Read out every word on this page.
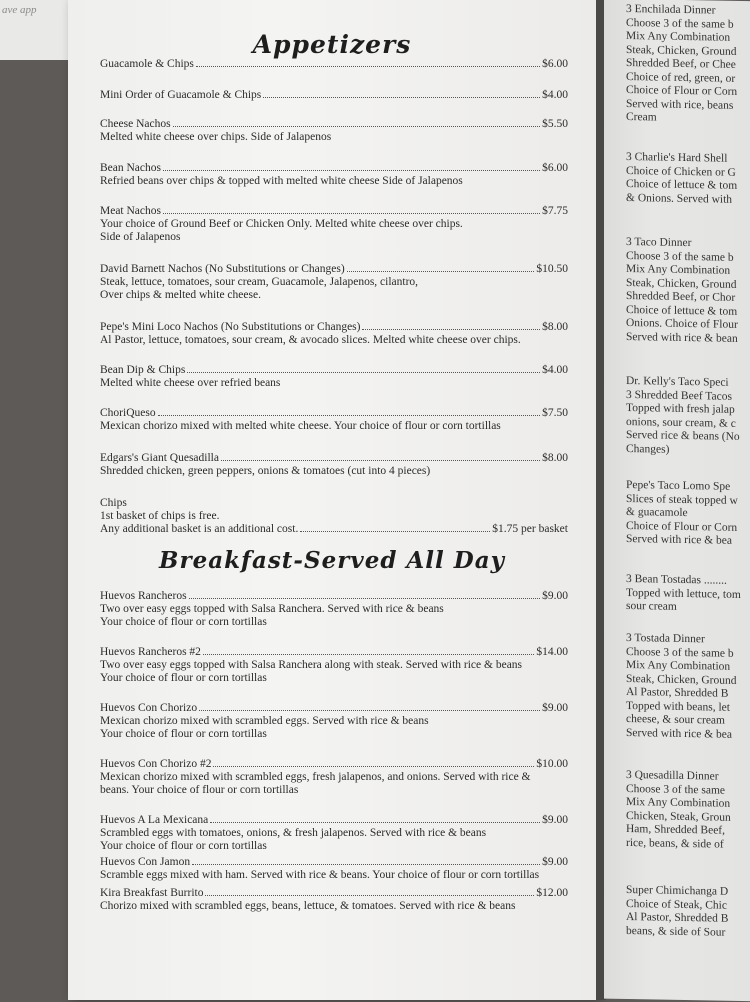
ave app
Appetizers
Guacamole & Chips	$6.00
Mini Order of Guacamole & Chips	$4.00
Cheese Nachos	$5.50
Melted white cheese over chips. Side of Jalapenos
Bean Nachos	$6.00
Refried beans over chips & topped with melted white cheese Side of Jalapenos
Meat Nachos	$7.75
Your choice of Ground Beef or Chicken Only. Melted white cheese over chips.
Side of Jalapenos
David Barnett Nachos (No Substitutions or Changes)	$10.50
Steak, lettuce, tomatoes, sour cream, Guacamole, Jalapenos, cilantro,
Over chips & melted white cheese.
Pepe's Mini Loco Nachos (No Substitutions or Changes)	$8.00
Al Pastor, lettuce, tomatoes, sour cream, & avocado slices. Melted white cheese over chips.
Bean Dip & Chips	$4.00
Melted white cheese over refried beans
ChoriQueso	$7.50
Mexican chorizo mixed with melted white cheese. Your choice of flour or corn tortillas
Edgars's Giant Quesadilla	$8.00
Shredded chicken, green peppers, onions & tomatoes (cut into 4 pieces)
Chips
1st basket of chips is free.
Any additional basket is an additional cost.	$1.75 per basket
Breakfast-Served All Day
Huevos Rancheros	$9.00
Two over easy eggs topped with Salsa Ranchera. Served with rice & beans
Your choice of flour or corn tortillas
Huevos Rancheros #2	$14.00
Two over easy eggs topped with Salsa Ranchera along with steak. Served with rice & beans
Your choice of flour or corn tortillas
Huevos Con Chorizo	$9.00
Mexican chorizo mixed with scrambled eggs. Served with rice & beans
Your choice of flour or corn tortillas
Huevos Con Chorizo #2	$10.00
Mexican chorizo mixed with scrambled eggs, fresh jalapenos, and onions. Served with rice &
beans. Your choice of flour or corn tortillas
Huevos A La Mexicana	$9.00
Scrambled eggs with tomatoes, onions, & fresh jalapenos. Served with rice & beans
Your choice of flour or corn tortillas
Huevos Con Jamon	$9.00
Scramble eggs mixed with ham. Served with rice & beans. Your choice of flour or corn tortillas
Kira Breakfast Burrito	$12.00
Chorizo mixed with scrambled eggs, beans, lettuce, & tomatoes. Served with rice & beans
3 Enchilada Dinner
Choose 3 of the same b
Mix Any Combination
Steak, Chicken, Ground
Shredded Beef, or Chee
Choice of red, green, or
Choice of Flour or Corn
Served with rice, beans
Cream
3 Charlie's Hard Shell
Choice of Chicken or G
Choice of lettuce & tom
& Onions. Served with
3 Taco Dinner
Choose 3 of the same b
Mix Any Combination
Steak, Chicken, Ground
Shredded Beef, or Chor
Choice of lettuce & tom
Onions. Choice of Flour
Served with rice & bean
Dr. Kelly's Taco Speci
3 Shredded Beef Tacos
Topped with fresh jalap
onions, sour cream, & c
Served rice & beans (No
Changes)
Pepe's Taco Lomo Spe
Slices of steak topped w
& guacamole
Choice of Flour or Corn
Served with rice & bea
3 Bean Tostadas ........
Topped with lettuce, tom
sour cream
3 Tostada Dinner
Choose 3 of the same b
Mix Any Combination
Steak, Chicken, Ground
Al Pastor, Shredded B
Topped with beans, let
cheese, & sour cream
Served with rice & bea
3 Quesadilla Dinner
Choose 3 of the same
Mix Any Combination
Chicken, Steak, Groun
Ham, Shredded Beef,
rice, beans, & side of
Super Chimichanga D
Choice of Steak, Chic
Al Pastor, Shredded B
beans, & side of Sour
